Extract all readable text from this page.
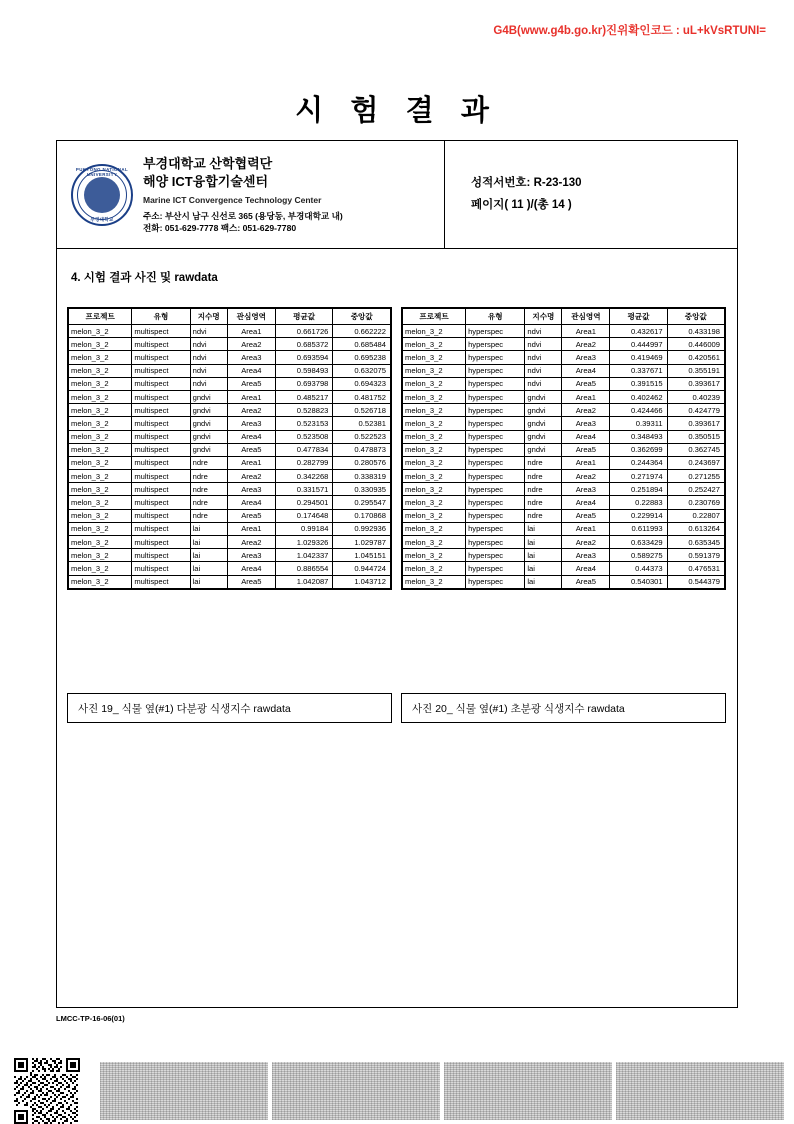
G4B(www.g4b.go.kr)진위확인코드 : uL+kVsRTUNI=
시 험 결 과
PUKYONG NATIONAL UNIVERSITY
부경대학교
부경대학교 산학협력단
해양 ICT융합기술센터
Marine ICT Convergence Technology Center
주소: 부산시 남구 신선로 365 (용당동, 부경대학교 내)
전화: 051-629-7778 팩스: 051-629-7780
성적서번호: R-23-130
페이지( 11 )/(총 14 )
4. 시험 결과 사진 및 rawdata
프로젝트	유형	지수명	관심영역	평균값	중앙값
melon_3_2	multispect	ndvi	Area1	0.661726	0.662222
melon_3_2	multispect	ndvi	Area2	0.685372	0.685484
melon_3_2	multispect	ndvi	Area3	0.693594	0.695238
melon_3_2	multispect	ndvi	Area4	0.598493	0.632075
melon_3_2	multispect	ndvi	Area5	0.693798	0.694323
melon_3_2	multispect	gndvi	Area1	0.485217	0.481752
melon_3_2	multispect	gndvi	Area2	0.528823	0.526718
melon_3_2	multispect	gndvi	Area3	0.523153	0.52381
melon_3_2	multispect	gndvi	Area4	0.523508	0.522523
melon_3_2	multispect	gndvi	Area5	0.477834	0.478873
melon_3_2	multispect	ndre	Area1	0.282799	0.280576
melon_3_2	multispect	ndre	Area2	0.342268	0.338319
melon_3_2	multispect	ndre	Area3	0.331571	0.330935
melon_3_2	multispect	ndre	Area4	0.294501	0.295547
melon_3_2	multispect	ndre	Area5	0.174648	0.170868
melon_3_2	multispect	lai	Area1	0.99184	0.992936
melon_3_2	multispect	lai	Area2	1.029326	1.029787
melon_3_2	multispect	lai	Area3	1.042337	1.045151
melon_3_2	multispect	lai	Area4	0.886554	0.944724
melon_3_2	multispect	lai	Area5	1.042087	1.043712
프로젝트	유형	지수명	관심영역	평균값	중앙값
melon_3_2	hyperspec	ndvi	Area1	0.432617	0.433198
melon_3_2	hyperspec	ndvi	Area2	0.444997	0.446009
melon_3_2	hyperspec	ndvi	Area3	0.419469	0.420561
melon_3_2	hyperspec	ndvi	Area4	0.337671	0.355191
melon_3_2	hyperspec	ndvi	Area5	0.391515	0.393617
melon_3_2	hyperspec	gndvi	Area1	0.402462	0.40239
melon_3_2	hyperspec	gndvi	Area2	0.424466	0.424779
melon_3_2	hyperspec	gndvi	Area3	0.39311	0.393617
melon_3_2	hyperspec	gndvi	Area4	0.348493	0.350515
melon_3_2	hyperspec	gndvi	Area5	0.362699	0.362745
melon_3_2	hyperspec	ndre	Area1	0.244364	0.243697
melon_3_2	hyperspec	ndre	Area2	0.271974	0.271255
melon_3_2	hyperspec	ndre	Area3	0.251894	0.252427
melon_3_2	hyperspec	ndre	Area4	0.22883	0.230769
melon_3_2	hyperspec	ndre	Area5	0.229914	0.22807
melon_3_2	hyperspec	lai	Area1	0.611993	0.613264
melon_3_2	hyperspec	lai	Area2	0.633429	0.635345
melon_3_2	hyperspec	lai	Area3	0.589275	0.591379
melon_3_2	hyperspec	lai	Area4	0.44373	0.476531
melon_3_2	hyperspec	lai	Area5	0.540301	0.544379
사진 19_ 식물 옆(#1) 다분광 식생지수 rawdata	사진 20_ 식물 옆(#1) 초분광 식생지수 rawdata
LMCC-TP-16-06(01)
